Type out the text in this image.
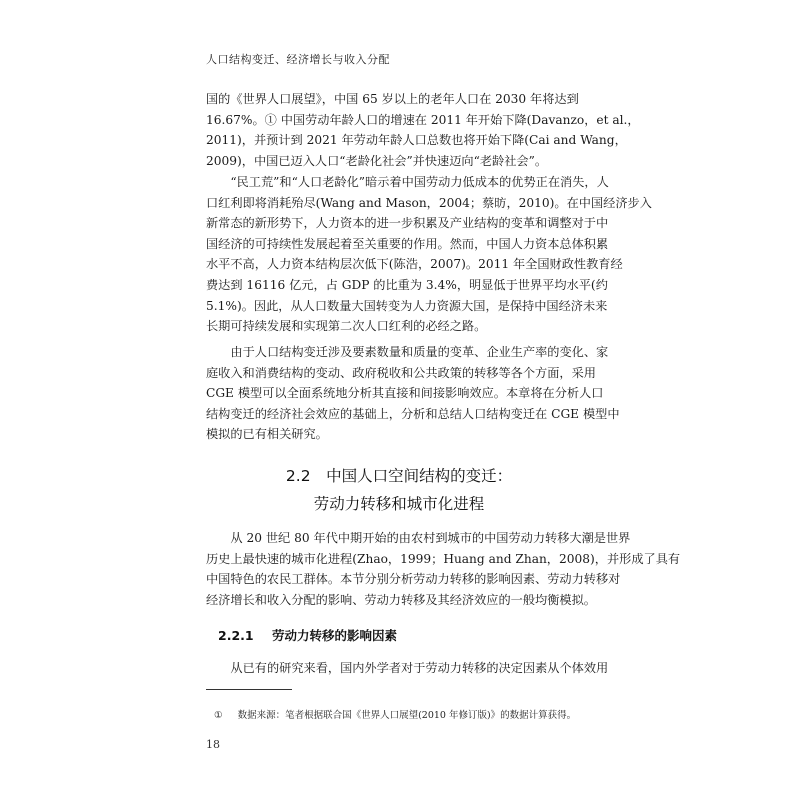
人口结构变迁、经济增长与收入分配
国的《世界人口展望》，中国 65 岁以上的老年人口在 2030 年将达到
16.67%。① 中国劳动年龄人口的增速在 2011 年开始下降(Davanzo，et al.，
2011)，并预计到 2021 年劳动年龄人口总数也将开始下降(Cai and Wang，
2009)，中国已迈入人口“老龄化社会”并快速迈向“老龄社会”。
“民工荒”和“人口老龄化”暗示着中国劳动力低成本的优势正在消失，人
口红利即将消耗殆尽(Wang and Mason，2004；蔡昉，2010)。在中国经济步入
新常态的新形势下，人力资本的进一步积累及产业结构的变革和调整对于中
国经济的可持续性发展起着至关重要的作用。然而，中国人力资本总体积累
水平不高，人力资本结构层次低下(陈浩，2007)。2011 年全国财政性教育经
费达到 16116 亿元，占 GDP 的比重为 3.4%，明显低于世界平均水平(约
5.1%)。因此，从人口数量大国转变为人力资源大国，是保持中国经济未来
长期可持续发展和实现第二次人口红利的必经之路。
由于人口结构变迁涉及要素数量和质量的变革、企业生产率的变化、家
庭收入和消费结构的变动、政府税收和公共政策的转移等各个方面，采用
CGE 模型可以全面系统地分析其直接和间接影响效应。本章将在分析人口
结构变迁的经济社会效应的基础上，分析和总结人口结构变迁在 CGE 模型中
模拟的已有相关研究。
2.2　中国人口空间结构的变迁：
劳动力转移和城市化进程
从 20 世纪 80 年代中期开始的由农村到城市的中国劳动力转移大潮是世界
历史上最快速的城市化进程(Zhao，1999；Huang and Zhan，2008)，并形成了具有
中国特色的农民工群体。本节分别分析劳动力转移的影响因素、劳动力转移对
经济增长和收入分配的影响、劳动力转移及其经济效应的一般均衡模拟。
2.2.1 劳动力转移的影响因素
从已有的研究来看，国内外学者对于劳动力转移的决定因素从个体效用
① 数据来源：笔者根据联合国《世界人口展望(2010 年修订版)》的数据计算获得。
18
